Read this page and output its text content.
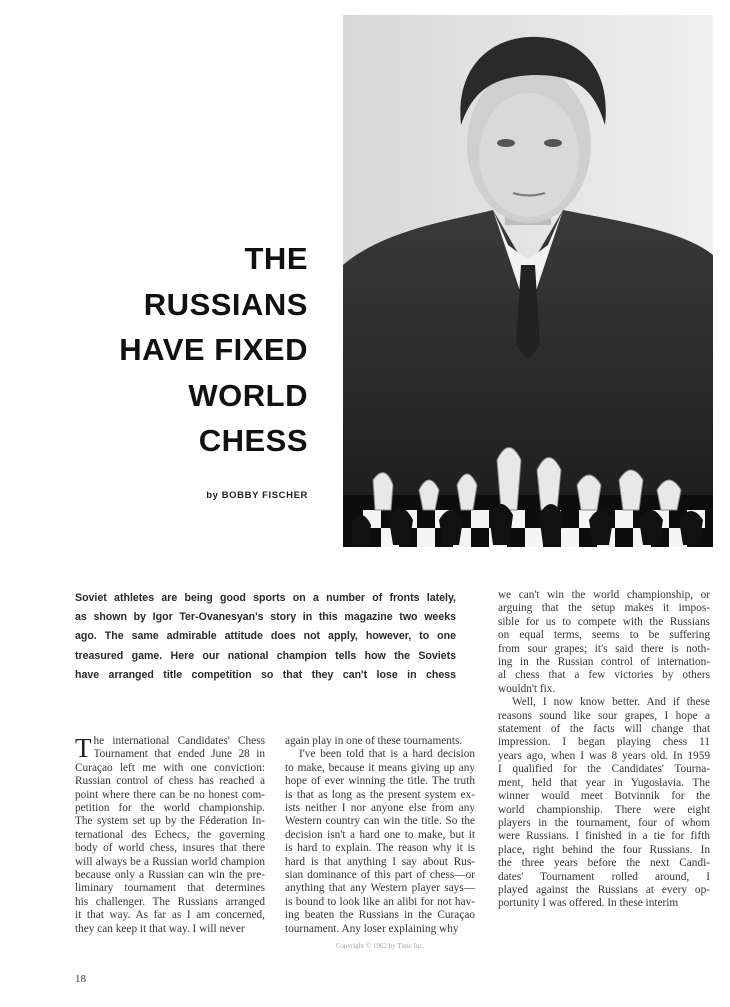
THE
RUSSIANS
HAVE FIXED
WORLD
CHESS
by BOBBY FISCHER
Soviet athletes are being good sports on a number of fronts lately,
as shown by Igor Ter-Ovanesyan's story in this magazine two weeks
ago. The same admirable attitude does not apply, however, to one
treasured game. Here our national champion tells how the Soviets
have arranged title competition so that they can't lose in chess
T he international Candidates' Chess
Tournament that ended June 28 in
Curaçao left me with one conviction:
Russian control of chess has reached a
point where there can be no honest com-
petition for the world championship.
The system set up by the Féderation In-
ternational des Echecs, the governing
body of world chess, insures that there
will always be a Russian world champion
because only a Russian can win the pre-
liminary tournament that determines
his challenger. The Russians arranged
it that way. As far as I am concerned,
they can keep it that way. I will never
again play in one of these tournaments.
I've been told that is a hard decision
to make, because it means giving up any
hope of ever winning the title. The truth
is that as long as the present system ex-
ists neither I nor anyone else from any
Western country can win the title. So the
decision isn't a hard one to make, but it
is hard to explain. The reason why it is
hard is that anything I say about Rus-
sian dominance of this part of chess—or
anything that any Western player says—
is bound to look like an alibi for not hav-
ing beaten the Russians in the Curaçao
tournament. Any loser explaining why
we can't win the world championship, or
arguing that the setup makes it impos-
sible for us to compete with the Russians
on equal terms, seems to be suffering
from sour grapes; it's said there is noth-
ing in the Russian control of internation-
al chess that a few victories by others
wouldn't fix.
Well, I now know better. And if these
reasons sound like sour grapes, I hope a
statement of the facts will change that
impression. I began playing chess 11
years ago, when I was 8 years old. In 1959
I qualified for the Candidates' Tourna-
ment, held that year in Yugoslavia. The
winner would meet Botvinnik for the
world championship. There were eight
players in the tournament, four of whom
were Russians. I finished in a tie for fifth
place, right behind the four Russians. In
the three years before the next Candi-
dates' Tournament rolled around, I
played against the Russians at every op-
portunity I was offered. In these interim
Copyright © 1962 by Time Inc.
18
